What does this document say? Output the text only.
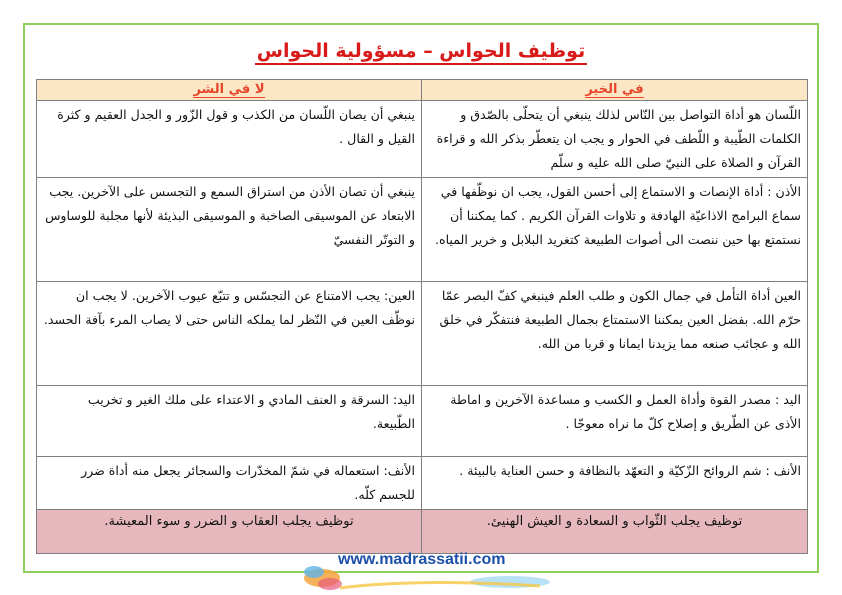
توظيف الحواس – مسؤولية الحواس
في الخير	لا في الشر
اللّسان هو أداة التواصل بين النّاس لذلك ينبغي أن يتحلّى بالصّدق و الكلمات الطّيبة و اللّطف في الحوار و يجب ان يتعطّر بذكر الله و قراءة القرآن و الصلاة على النبيّ صلى الله عليه و سلّم	ينبغي أن يصان اللّسان من الكذب و قول الزّور و الجدل العقيم و كثرة القيل و القال .
الأذن : أداة الإنصات و الاستماع إلى أحسن القول، يجب ان نوظّفها في سماع البرامج الاذاعيّة الهادفة و تلاوات القرآن الكريم . كما يمكننا أن نستمتع بها حين ننصت الى أصوات الطبيعة كتغريد البلابل و خرير المياه.	ينبغي أن تصان الأذن من استراق السمع و التجسس على الآخرين. يجب الابتعاد عن الموسيقى الصاخبة و الموسيقى البذيئة لأنها مجلبة للوساوس و التوتّر النفسيّ
العين أداة التأمل في جمال الكون و طلب العلم فينبغي كفّ البصر عمّا حرّم الله. بفضل العين يمكننا الاستمتاع بجمال الطبيعة فنتفكّر في خلق الله و عجائب صنعه مما يزيدنا ايمانا و قربا من الله.	العين: يجب الامتناع عن التجسّس و تتبّع عيوب الآخرين. لا يجب ان نوظّف العين في النّظر لما يملكه الناس حتى لا يصاب المرء بآفة الحسد.
اليد : مصدر القوة وأداة العمل و الكسب و مساعدة الآخرين و اماطة الأذى عن الطّريق و إصلاح كلّ ما نراه معوجّا .	اليد: السرقة و العنف المادي و الاعتداء على ملك الغير و تخريب الطّبيعة.
الأنف : شم الروائح الزّكيّة و التعهّد بالنظافة و حسن العناية بالبيئة .	الأنف: استعماله في شمّ المخدّرات والسجائر يجعل منه أداة ضرر للجسم كلّه.
توظيف يجلب الثّواب و السعادة و العيش الهنيئ.	توظيف يجلب العقاب و الضرر و سوء المعيشة.
www.madrassatii.com
